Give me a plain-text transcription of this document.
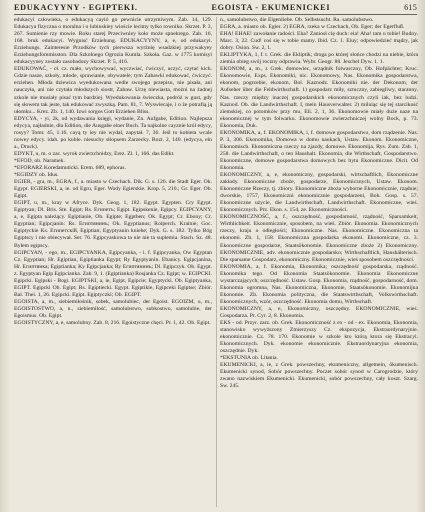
EDUKACYYNY - EGIPTEKI.	EGOISTA - EKUMENICKEI	615

edukacyi człowieka, o edukacyą cayió go pewnicie utrzymiwym. Zab. 14, 129. Edukacya fizyczna o moralna i o lubinskiey wioście lecimy tylko rowniko. Skrzet. P. 3, 267. Sumienie rzy mowie. Roku starej Przeciwniey koło może spnekrego. Zab. 16, 168. bruk edukacyi. Wygnisć Erziehung. EDUKACYYNY, a, e, od edukacyi. Erziehungs. Zainteresie Przodków tych pierwsza wyrżnię wsadzkiej przywakyey Erziehungsfommisston. Dla Szkolnego Ogrozia Kumla. Szkoła. Gaz. w 1775 komisyi edukacyyney zostało zasobadozy Skrzet. P. 5, 416.

EDUKOWAĆ, - cł. cz. mało, wychowywać, wyczwiać, ćwiczyć, uczyć, czytać kich. Gdzie nasze, szkoły, młode, sprawianie, obywatele; tym Zabawki edukować, ćwiczyć. erziehen. Młoda dziewica wyedukowana wedle swojego przepisu, nie pisała, ani nauczyła, ani nie czytała młodszych siostr, Zabaw. Urzę niewiasta, możni na żadnej szkole nie musiały pisać tym bardziej. Wyedukowania świeczka, podróż w gust, gdy się słowem tak jeste, tak edukować zwyszką. Pam. 81, 7. Wyswiecaje, i o że potrafią ją ułomku... Krez. Zb. 1, 140. Izwi sorgos Gott Erziehen Bliss.

EDYCYA, - yi, 2k, od wydawania księgi, wydanie, Zn. Aufgabe, Edition. Najlepsza edycya, najładnie, dła Edition, die Ausgabe einer Buch. Ta najkolne cayznie król edycy, rosyy? Tomr. 45, 1.16. cayą ty iey nie wydal, zapytał. 7, 36. Jeśl to kobieta wcale nowey edycy. idah. po kuble. niesuchy słiopsem Zarzecky. Rozt. 2, 140. (edycya, ein a., Druck).

EDYKT, u, m. o zac. wyrok zwierzchnidzy, Erez. Zl. 1, 166. das Edikt.

*EFOD, ob. Naramek.

*EFORARZ Koredamuticki. Erem. 689, ephoras.

*EGIDZY ob. Idus.

EGIER, - gra, m., EGRA, f., a. miasto w Czechach. Dik. G. s. 126. die Stadt Eger. Ok. Egypt. EGIERSKI, a, ie. od Egru, Eger. Wody Egierskie. Krop. 5, 210.; Gr. Eger. Ob. Egipt.

EGIPT, u, m., kray w Afryce. Dyk. Geog. 1, 182. Egypt. Egypten. Cry Egypt. Egiptyan; Dl. Bris. Ste. Egipt; Rs. Египетъ; Egipt. Egipskenie, Egipcy. EGIPCYANY, a, e, Egipta należący. Egiptianie, Ob. Egipte; Egpthen; Ok. Egypt; Cr. Ebony; Cr. Egyptian; Egipcjanin: Rs. Египтянинъ; Ok. Egyptianus; Roiperch. Krainie; Goc. Egiptyckie Ks. Египетскій, Egiptian; Egyptyanin kniehe; Dyk. G. s. 182. Tylko Bóg Egiptscy i nie obiecywał. Ser. 76. Egipcyaskowa ta nie nie ta suplemia. Stach. Sz. 48. Byłem egipscy.

EGIPCYAN, - ego, m., EGIPCYANKA, Egipcyanka, - i. f. Egipcyanka, Ow Egyptan Cz. Egyptian; Hr. Egiptian, Egiptianka Egypt; Ry Egyptyanin. Ebanicy. Egipcjanina, Hr. Египтянка; Egiptianka; Ky Egipcjanka; Ry Египтянинъ; Dl. Egipczyk. Ob. Egypt. z. Egyptyan Egip Egipcianka. Zab. 9, 1. (Egiptianka) Rosjanka Cz. Egipt; w. EGIPCKI. Egipcki. Egipski - Bogi. EGIPTSKI, a, ie, Egipt, Egipcie; Egyptycki. Ob. Egiptyanka, EGIPT. Egipcki Ob. Egipt; Rs. Egiptiecki. Egypt. Egiptikie, Egipceki Egiptse; Zbiór. Bal. Thei. 1, 26. Egipcki. Egipt. Egiptyczki; Ob. EGIPT.

EGOISTA, a, m., siebiemiłośnik, sobek, samolubiec, der Egoist. EGOIZM, u, m., EGOISTOSTWO, a, n., siebiemiłość, samolubstwo, sobkostwo, samolubie, der Egoismus. Ob. Egipt.

EGOISTYCZNY, a, e, samolubny. Zab. 8, 216. Egoistyczne chęci. Pr. 1, 42. Ob. Egipt.

n., samolubstwo, die Eigenliebe. Ob. Selbstsucht. Ra. samolubstwo.

EGRA, a. miasto ob. Egier. 2) EGRA, rzeka w Czechach, Ob. Eger; der Egerfluß.

EHA! EHAE! zawołanie radości. Eha? Zaniosł cię duch: eia! Aha! tam u tobie! Budny. Marc. 3, 22. Cud! coś się w tobie mamy. Ibid. Cz. 1. Eiuy; odpowiedzieć mądry, jak dobry. Osion. Sw. 2, 1.

EKLIPTYKA, 1, f. t. Grek. die Ekliptik; droga po której słońce chodzi na niebie, która ziemia obieg swój roczny odprawia. Wybr. Geogr. 88. Jeschel Dyw. 1. 1.

EKONOM, a, m., z Grek. domowiec, urządnik folwarczny, Ob. Hofpächter; Kruc. Ekonomowie, Exps. Ekonomiki, nic. Ekonomowy, Nas. Ekonomika gospodarstwa, ekonom, pogrzebie, ekonom, Bol. Kaznodz. Ekonomiki nie. der Dekonom, der Aufseher über die Feldwirthschaft. 1) gospodarz miły, sztuczny, zabiegliwy, staranny. Nas. rzeczy między inaczej gospodarskich ekonomicznych czyli iak, bez ludzi. Kaznod. Ob. die Landwirthschaft. I, mein Hausverwalter. 2) miluiąc się tej starcikość ziemskiej, co potomków przy mu, Eli. 2, 1, 36. Ekonomowie miały duże naze na ekonomicznej w tym folwarku. Ekonomowie zwierzchniczej wolny Bock, p. 73. Ekonomia, Duk.

EKONOMIKA, a, f. EKONOMIKA, i, f. domowe gospodarstwo, dom rządzenie. Nas. P. 3, 306. Ekonomika, Domowa w domu naukach, Ustaw. Ekonom. Ekonomiczne, Ekonomisch. Ekonomiczna rzeczy na zjazdy, domowe. Ekonomija, Rys. Zum. Zab. 1, 258. die Landwirthschaft, o ten Haushalt. Ekonomia, die Wirthschaft, Gospodarstwo. Ekonomiczne, domowe gospodarstwa domowych bez bytu Ekonomiczne. Dicit. Od Ekonomia.

EKONOMICZNY, a, e, ekonomiczny, gospodarski, wirtschaftlich, Ekonomiczne zakłady. Ekonomiczne zboże, gospodarze, Ekonomicznych, Ustaw. Ekonom. Ekonomiczne Rzeczy, tj. zbiory. Ekonomiczne zboża wyborne Ekonomicznie, rządnie; dworskie, 1757, Ekonomiczni ekonomicznie gospodarzeni, Boh. Gosp. s. 57. Ekonomiczne użycie, die Landwirthschaft, Landwirthschaft. Ekonomiczne, wieś. Ekonomicznych. Prz. Ekon. s. 154, ze. Ekonomiczności.

EKONOMICZNOŚĆ, a, f., oszczędność, gospodarność, rządność, Sparsamkeit, Wirthlichkeit. Ekonomicznie, sposobem, na wieś. Zbiór. Ekonomia. Ekonomicznych rzeczy, kraju o odległości; Ekonomiczne. Nas. Ekonomiczne. Ekonomiczna ta ekonomi. Zb. 1, 158. Ekonomiczna gospodarka ekonomi. Ekonomiczne, cz. 3. Ekonomiczne gospodarze, Staatsökonomie. Ekonomiczne zboże 2) Ekonomiczny. EKONOMICZNIE, adv. ekonomicznie gospodarsko; Wirthschaftlich, Haushälterisch. Die sparsame Gospodarz, ekonomiczny. Ekonomicznie, wieś sposobem oszczędności.

EKONOMIA, a, f. Ekonomia, Ekonomika; oszczędność gospodarska, rządność. Ekonomika tego. Od Ekonomia Staatsökonomie. Ekonomia Ekonomiczne wystarczających; oszczędność. Ustaw. Gosp. Ekonomia, rządność, gospodarność, dom. Ekonomia ogromna, Nas. Ekonomiczna, Ekonomie, Staatsökonomie. Ekonomijna Ekonomie. Zb. Ekonomia polityczna, die Staatswirthschaft, Volkswirthschaft. Ekonomicznych, wzór, oszczędność. Ekonomia domu, Wirthschaft.

EKONOMICZNY, a, e, Ekonomiczny, oszczędny. EKONOMICZNIE, wieś. Gospodarza. Pr. Cyr. 2, 8. Ekonomia.

EKS - od. Przyr. zarz. ob. Grek. Ekonomiczność z ex - od - ex. Ekonomia, Ekonomia, stanowisko wywyższony Zmierzyszy Cz. ekspozycja, Ekstraordynaryjnie. ekonomicznie. Cz. 78. 170. Ekonomie w szkole kto którą ktora się Ekstracyi. Ekonomicznych. Dyk. ekonomie ekonomicznie. Ekstraordynaryjna ekonomia, oszczędnie. Dyk.

*EKSTUNIA ob. Litania.

EKUMENICKI, a, ie, z Grek. powszechny, ekumeniczny, allgemein, ökumenisch. Ekumenicki synod, Sobór powszechny. Poczet sobór synod w Carogrodzie, który zwano nazwiskiem Ekumenicki. Ekumenicki, sobór powszechny, cały koszt. Szarg. Sw. 245.
